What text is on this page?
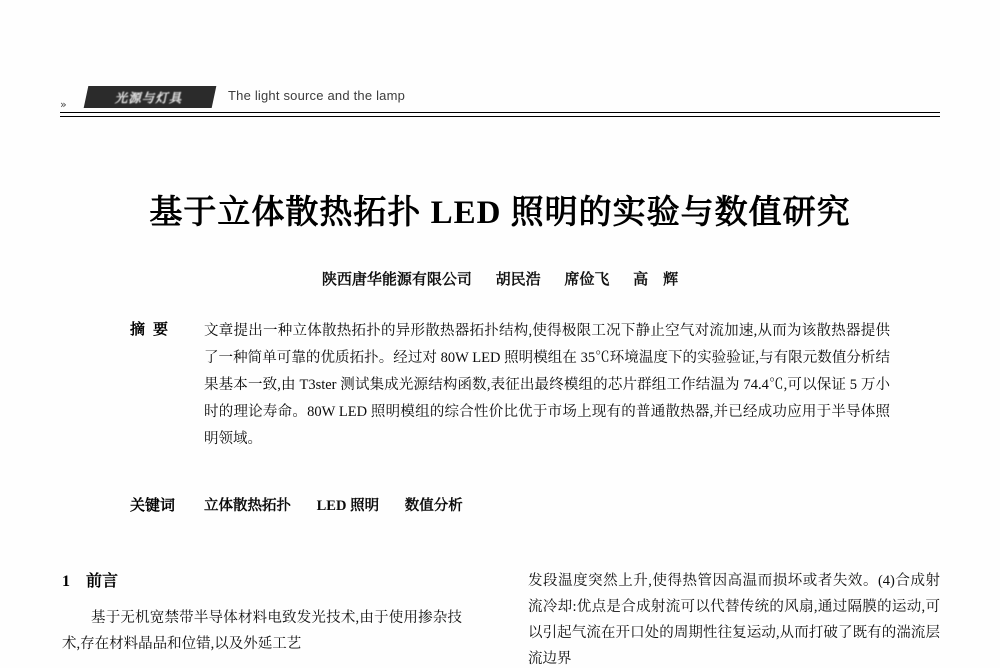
»	光源与灯具	The light source and the lamp
基于立体散热拓扑 LED 照明的实验与数值研究
陕西唐华能源有限公司 胡民浩 席俭飞 高　辉
摘要	文章提出一种立体散热拓扑的异形散热器拓扑结构,使得极限工况下静止空气对流加速,从而为该散热器提供了一种简单可靠的优质拓扑。经过对 80W LED 照明模组在 35℃环境温度下的实验验证,与有限元数值分析结果基本一致,由 T3ster 测试集成光源结构函数,表征出最终模组的芯片群组工作结温为 74.4℃,可以保证 5 万小时的理论寿命。80W LED 照明模组的综合性价比优于市场上现有的普通散热器,并已经成功应用于半导体照明领域。
关键词	立体散热拓扑 LED 照明 数值分析
1 前言
基于无机宽禁带半导体材料电致发光技术,由于使用掺杂技术,存在材料晶品和位错,以及外延工艺
发段温度突然上升,使得热管因高温而损坏或者失效。(4)合成射流冷却:优点是合成射流可以代替传统的风扇,通过隔膜的运动,可以引起气流在开口处的周期性往复运动,从而打破了既有的湍流层流边界
